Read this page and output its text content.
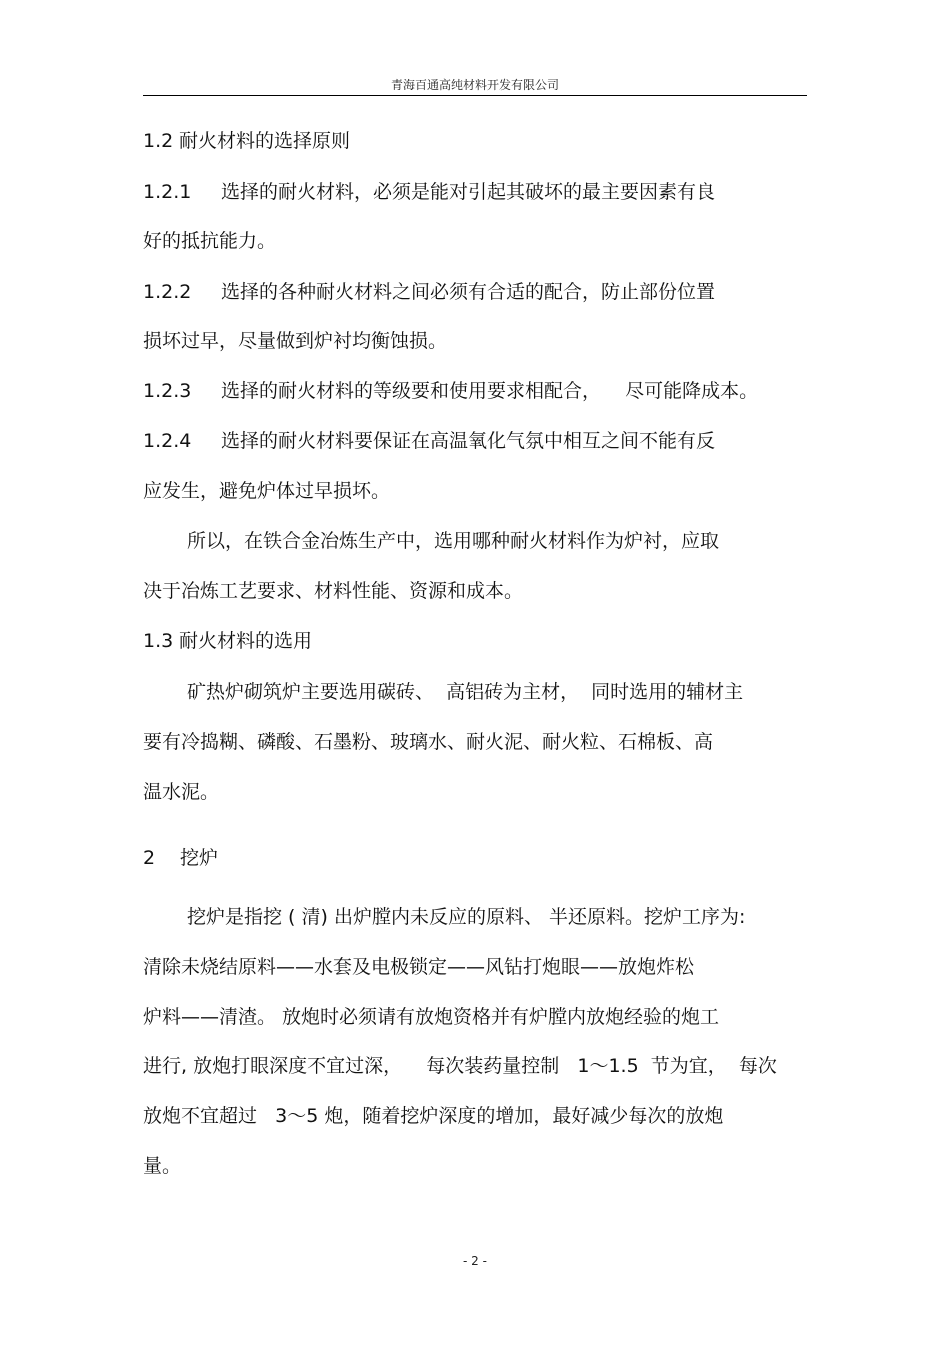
青海百通高纯材料开发有限公司
1.2 耐火材料的选择原则
1.2.1 选择的耐火材料，必须是能对引起其破坏的最主要因素有良
好的抵抗能力。
1.2.2 选择的各种耐火材料之间必须有合适的配合，防止部份位置
损坏过早，尽量做到炉衬均衡蚀损。
1.2.3 选择的耐火材料的等级要和使用要求相配合，    尽可能降成本。
1.2.4 选择的耐火材料要保证在高温氧化气氛中相互之间不能有反
应发生，避免炉体过早损坏。
所以，在铁合金冶炼生产中，选用哪种耐火材料作为炉衬，应取
决于冶炼工艺要求、材料性能、资源和成本。
1.3 耐火材料的选用
矿热炉砌筑炉主要选用碳砖、  高铝砖为主材，  同时选用的辅材主
要有冷捣糊、磷酸、石墨粉、玻璃水、耐火泥、耐火粒、石棉板、高
温水泥。
2 挖炉
挖炉是指挖 ( 清) 出炉膛内未反应的原料、 半还原料。挖炉工序为:
清除未烧结原料——水套及电极锁定——风钻打炮眼——放炮炸松
炉料——清渣。 放炮时必须请有放炮资格并有炉膛内放炮经验的炮工
进行, 放炮打眼深度不宜过深，    每次装药量控制   1～1.5  节为宜，  每次
放炮不宜超过   3～5 炮，随着挖炉深度的增加，最好减少每次的放炮
量。
- 2 -
